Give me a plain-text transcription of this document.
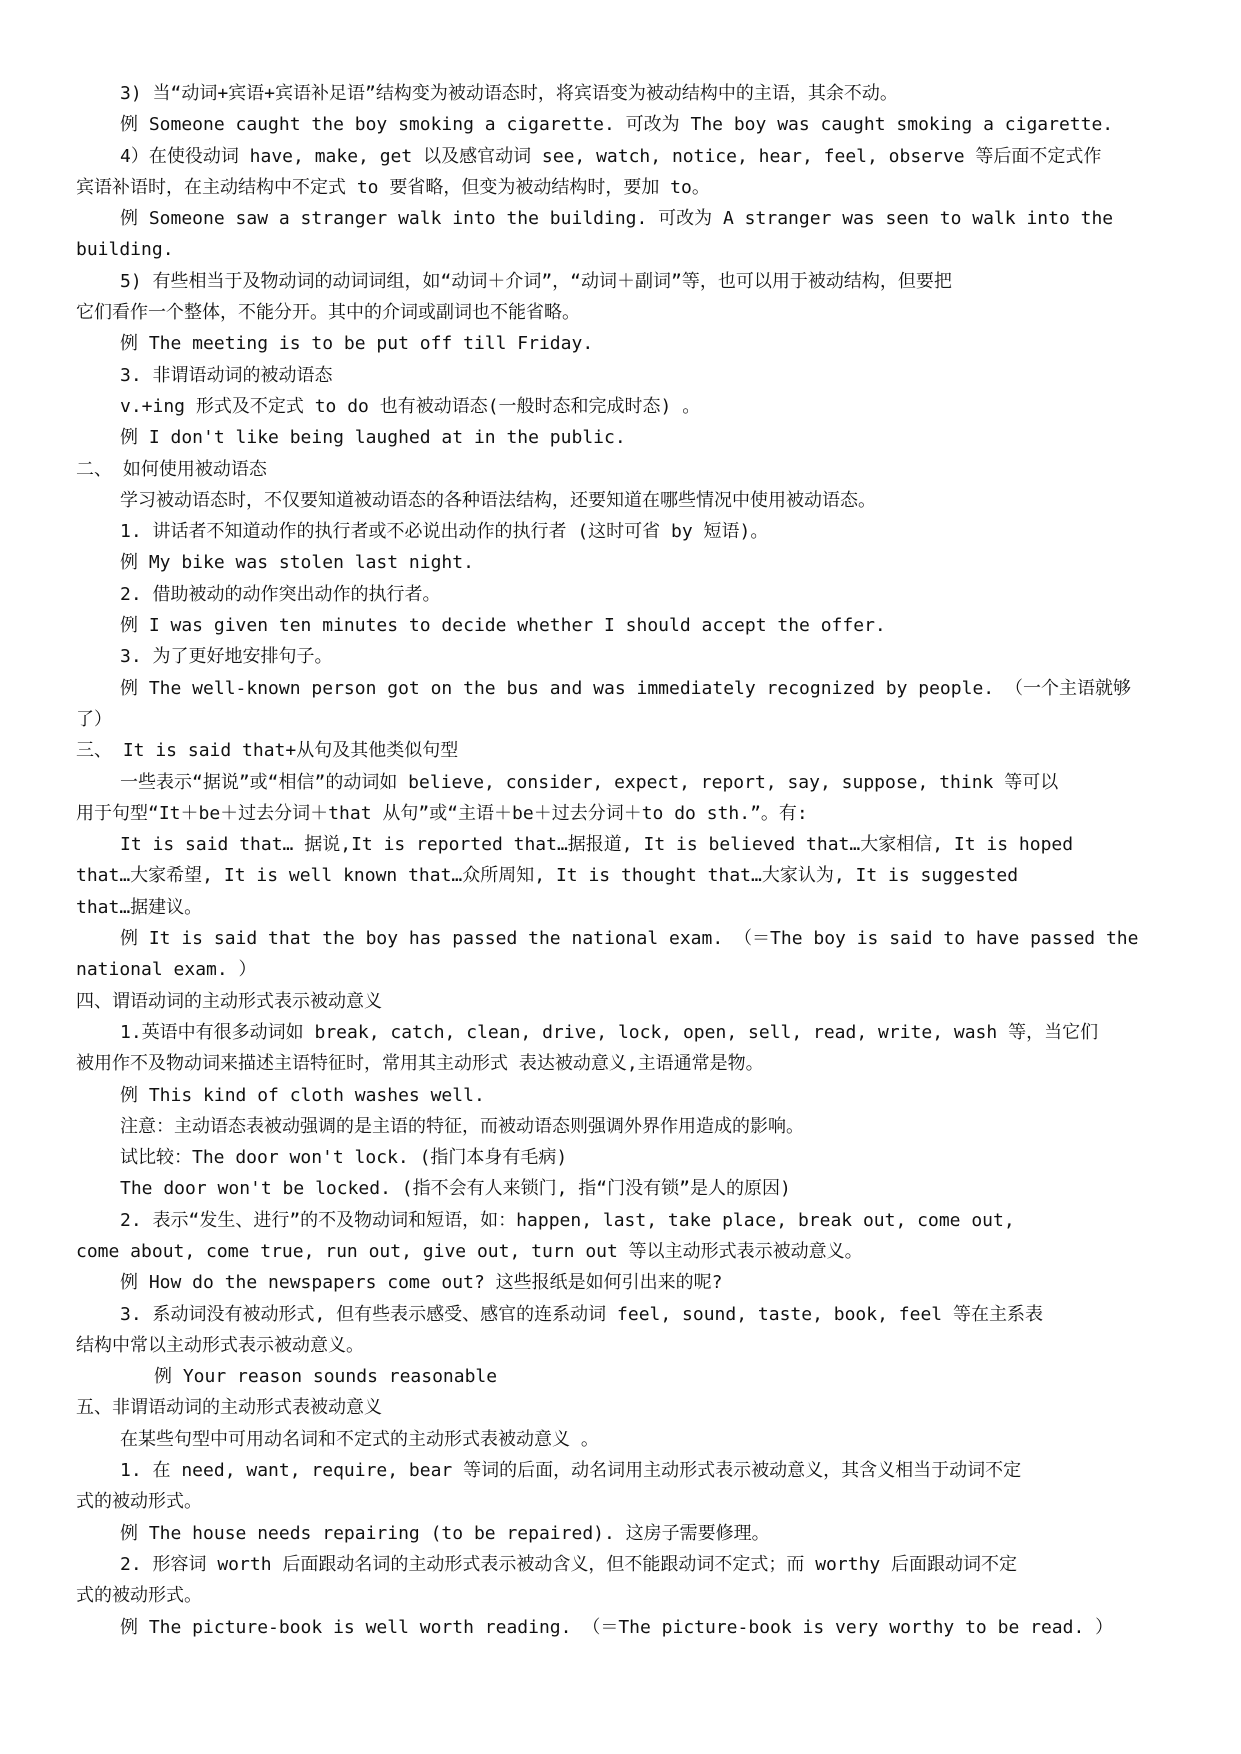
3) 当“动词+宾语+宾语补足语”结构变为被动语态时，将宾语变为被动结构中的主语，其余不动。
例 Someone caught the boy smoking a cigarette. 可改为 The boy was caught smoking a cigarette.
4）在使役动词 have, make, get 以及感官动词 see, watch, notice, hear, feel, observe 等后面不定式作
宾语补语时，在主动结构中不定式 to 要省略，但变为被动结构时，要加 to。
例 Someone saw a stranger walk into the building. 可改为 A stranger was seen to walk into the
building.
5) 有些相当于及物动词的动词词组，如“动词＋介词”，“动词＋副词”等，也可以用于被动结构，但要把
它们看作一个整体，不能分开。其中的介词或副词也不能省略。
例 The meeting is to be put off till Friday.
3. 非谓语动词的被动语态
v.+ing 形式及不定式 to do 也有被动语态(一般时态和完成时态) 。
例 I don't like being laughed at in the public.
二、 如何使用被动语态
学习被动语态时，不仅要知道被动语态的各种语法结构，还要知道在哪些情况中使用被动语态。
1. 讲话者不知道动作的执行者或不必说出动作的执行者 (这时可省 by 短语)。
例 My bike was stolen last night.
2. 借助被动的动作突出动作的执行者。
例 I was given ten minutes to decide whether I should accept the offer.
3. 为了更好地安排句子。
例 The well-known person got on the bus and was immediately recognized by people. （一个主语就够
了）
三、 It is said that+从句及其他类似句型
一些表示“据说”或“相信”的动词如 believe, consider, expect, report, say, suppose, think 等可以
用于句型“It＋be＋过去分词＋that 从句”或“主语＋be＋过去分词＋to do sth.”。有:
It is said that… 据说,It is reported that…据报道, It is believed that…大家相信, It is hoped
that…大家希望, It is well known that…众所周知, It is thought that…大家认为, It is suggested
that…据建议。
例 It is said that the boy has passed the national exam. （＝The boy is said to have passed the
national exam. ）
四、谓语动词的主动形式表示被动意义
1.英语中有很多动词如 break, catch, clean, drive, lock, open, sell, read, write, wash 等，当它们
被用作不及物动词来描述主语特征时，常用其主动形式 表达被动意义,主语通常是物。
例 This kind of cloth washes well.
注意：主动语态表被动强调的是主语的特征，而被动语态则强调外界作用造成的影响。
试比较：The door won't lock. (指门本身有毛病)
The door won't be locked. (指不会有人来锁门, 指“门没有锁”是人的原因)
2. 表示“发生、进行”的不及物动词和短语，如：happen, last, take place, break out, come out,
come about, come true, run out, give out, turn out 等以主动形式表示被动意义。
例 How do the newspapers come out? 这些报纸是如何引出来的呢?
3. 系动词没有被动形式, 但有些表示感受、感官的连系动词 feel, sound, taste, book, feel 等在主系表
结构中常以主动形式表示被动意义。
例 Your reason sounds reasonable
五、非谓语动词的主动形式表被动意义
在某些句型中可用动名词和不定式的主动形式表被动意义 。
1. 在 need, want, require, bear 等词的后面，动名词用主动形式表示被动意义，其含义相当于动词不定
式的被动形式。
例 The house needs repairing (to be repaired). 这房子需要修理。
2. 形容词 worth 后面跟动名词的主动形式表示被动含义，但不能跟动词不定式；而 worthy 后面跟动词不定
式的被动形式。
例 The picture-book is well worth reading. （＝The picture-book is very worthy to be read. ）
